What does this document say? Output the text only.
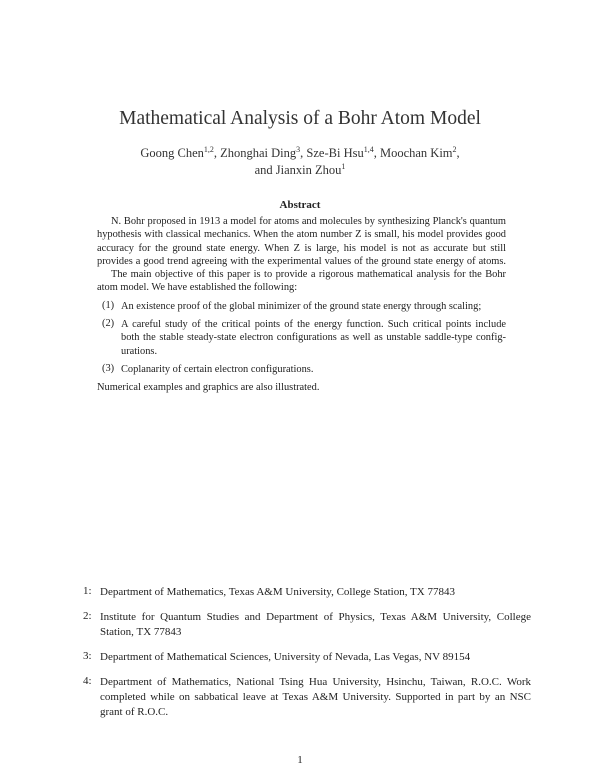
Mathematical Analysis of a Bohr Atom Model
Goong Chen$^{1,2}$, Zhonghai Ding$^3$, Sze-Bi Hsu$^{1,4}$, Moochan Kim$^2$,
and Jianxin Zhou$^1$
Abstract
N. Bohr proposed in 1913 a model for atoms and molecules by synthesizing Planck's quantum
hypothesis with classical mechanics. When the atom number Z is small, his model provides good
accuracy for the ground state energy. When Z is large, his model is not as accurate but still
provides a good trend agreeing with the experimental values of the ground state energy of atoms.
The main objective of this paper is to provide a rigorous mathematical analysis for the Bohr
atom model. We have established the following:
(1) An existence proof of the global minimizer of the ground state energy through scaling;
(2) A careful study of the critical points of the energy function. Such critical points include
both the stable steady-state electron configurations as well as unstable saddle-type config-
urations.
(3) Coplanarity of certain electron configurations.
Numerical examples and graphics are also illustrated.
1: Department of Mathematics, Texas A&M University, College Station, TX 77843
2: Institute for Quantum Studies and Department of Physics, Texas A&M University, College
Station, TX 77843
3: Department of Mathematical Sciences, University of Nevada, Las Vegas, NV 89154
4: Department of Mathematics, National Tsing Hua University, Hsinchu, Taiwan, R.O.C. Work
completed while on sabbatical leave at Texas A&M University. Supported in part by an NSC
grant of R.O.C.
1
